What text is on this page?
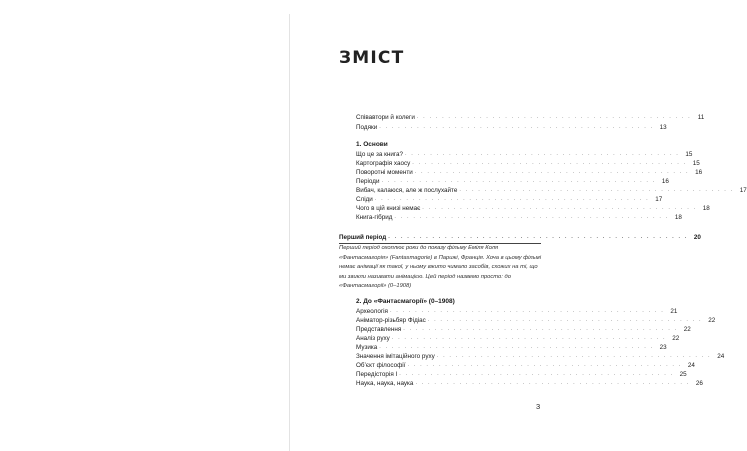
ЗМІСТ
Співавтори й колеги . . . . . . . . . . . . . . . . . . . . . . . . . . . . . . . . . . . . . . . . . . . .	11
Подяки . . . . . . . . . . . . . . . . . . . . . . . . . . . . . . . . . . . . . . . . . . . . 13
1. Основи
Що це за книга? . . . . . . . . . . . . . . . . . . . . . . . . . . . . . . . . . . . . . . . . . . . . 15
Картографія хаосу . . . . . . . . . . . . . . . . . . . . . . . . . . . . . . . . . . . . . . . . . . . . 15
Поворотні моменти . . . . . . . . . . . . . . . . . . . . . . . . . . . . . . . . . . . . . . . . . . . . 16
Періоди . . . . . . . . . . . . . . . . . . . . . . . . . . . . . . . . . . . . . . . . . . . . 16
Вибач, калаюся, але ж послухайте . . . . . . . . . . . . . . . . . . . . . . . . . . . . . . . . . . . . . . . . . . . . 17
Сліди . . . . . . . . . . . . . . . . . . . . . . . . . . . . . . . . . . . . . . . . . . . . 17
Чого в цій книзі немає . . . . . . . . . . . . . . . . . . . . . . . . . . . . . . . . . . . . . . . . . . . . 18
Книга-гібрид . . . . . . . . . . . . . . . . . . . . . . . . . . . . . . . . . . . . . . . . . . . . 18
Перший період . . . . . . . . . . . . . . . . . . . . . . . . . . . . . . . . . . . . . . . . . . . . . . . . 20

Перший період охоплює роки до показу фільму Еміля Коля «Фантасмагорія» (Fantasmagorie) в Парижі, Франція. Хоча в цьому фільмі немає анімації як такої, у ньому вжито чимало засобів, схожих на ті, що ми звикли називати анімацією. Цей період назвемо просто: до «Фантасмагорії» (0–1908)

2. До «Фантасмагорії» (0–1908)
Археологія . . . . . . . . . . . . . . . . . . . . . . . . . . . . . . . . . . . . . . . . . . . . 21
Аніматор-різьбяр Фідіас . . . . . . . . . . . . . . . . . . . . . . . . . . . . . . . . . . . . . . . . . . . . 22
Представлення . . . . . . . . . . . . . . . . . . . . . . . . . . . . . . . . . . . . . . . . . . . . 22
Аналіз руху . . . . . . . . . . . . . . . . . . . . . . . . . . . . . . . . . . . . . . . . . . . . 22
Музика . . . . . . . . . . . . . . . . . . . . . . . . . . . . . . . . . . . . . . . . . . . . 23
Значення імітаційного руху . . . . . . . . . . . . . . . . . . . . . . . . . . . . . . . . . . . . . . . . . . . . 24
Об’єкт філософії . . . . . . . . . . . . . . . . . . . . . . . . . . . . . . . . . . . . . . . . . . . . 24
Передісторія І . . . . . . . . . . . . . . . . . . . . . . . . . . . . . . . . . . . . . . . . . . . . 25
Наука, наука, наука . . . . . . . . . . . . . . . . . . . . . . . . . . . . . . . . . . . . . . . . . . . . 26
3
